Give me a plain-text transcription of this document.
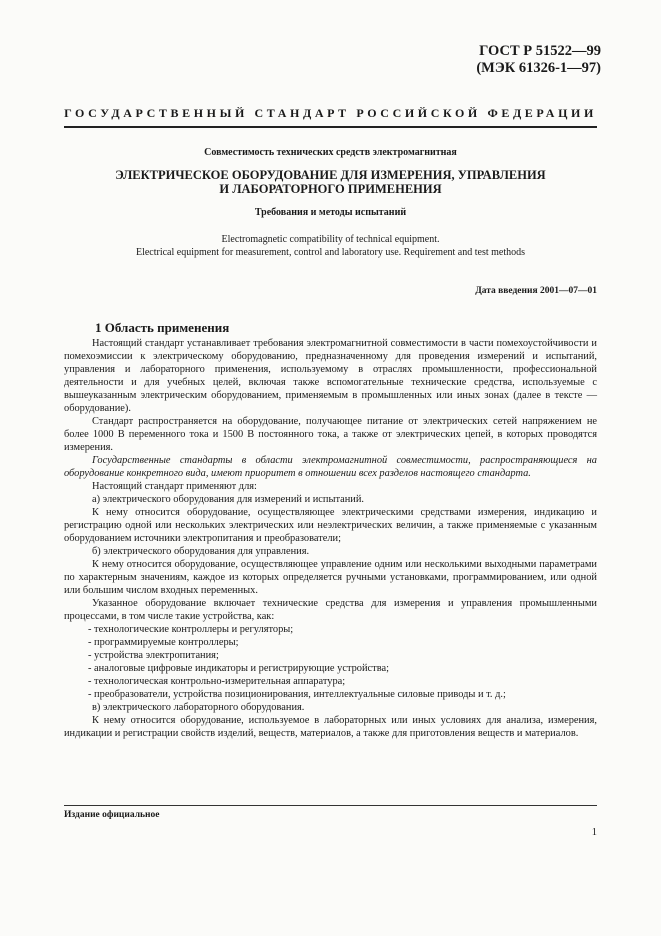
ГОСТ Р 51522—99
(МЭК 61326-1—97)
ГОСУДАРСТВЕННЫЙ СТАНДАРТ РОССИЙСКОЙ ФЕДЕРАЦИИ
Совместимость технических средств электромагнитная
ЭЛЕКТРИЧЕСКОЕ ОБОРУДОВАНИЕ ДЛЯ ИЗМЕРЕНИЯ, УПРАВЛЕНИЯ
И ЛАБОРАТОРНОГО ПРИМЕНЕНИЯ
Требования и методы испытаний
Electromagnetic compatibility of technical equipment.
Electrical equipment for measurement, control and laboratory use. Requirement and test methods
Дата введения 2001—07—01
1 Область применения

Настоящий стандарт устанавливает требования электромагнитной совместимости в части помехоустойчивости и помехоэмиссии к электрическому оборудованию, предназначенному для проведения измерений и испытаний, управления и лабораторного применения, используемому в отраслях промышленности, профессиональной деятельности и для учебных целей, включая также вспомогательные технические средства, используемые с вышеуказанным электрическим оборудованием, применяемым в промышленных или иных зонах (далее в тексте — оборудование).

Стандарт распространяется на оборудование, получающее питание от электрических сетей напряжением не более 1000 В переменного тока и 1500 В постоянного тока, а также от электрических цепей, в которых проводятся измерения.

Государственные стандарты в области электромагнитной совместимости, распространяющиеся на оборудование конкретного вида, имеют приоритет в отношении всех разделов настоящего стандарта.

Настоящий стандарт применяют для:

а) электрического оборудования для измерений и испытаний.

К нему относится оборудование, осуществляющее электрическими средствами измерения, индикацию и регистрацию одной или нескольких электрических или неэлектрических величин, а также применяемые с указанным оборудованием источники электропитания и преобразователи;

б) электрического оборудования для управления.

К нему относится оборудование, осуществляющее управление одним или несколькими выходными параметрами по характерным значениям, каждое из которых определяется ручными установками, программированием, или одной или большим числом входных переменных.

Указанное оборудование включает технические средства для измерения и управления промышленными процессами, в том числе такие устройства, как:

- технологические контроллеры и регуляторы;

- программируемые контроллеры;

- устройства электропитания;

- аналоговые цифровые индикаторы и регистрирующие устройства;

- технологическая контрольно-измерительная аппаратура;

- преобразователи, устройства позиционирования, интеллектуальные силовые приводы и т. д.;

в) электрического лабораторного оборудования.

К нему относится оборудование, используемое в лабораторных или иных условиях для анализа, измерения, индикации и регистрации свойств изделий, веществ, материалов, а также для приготовления веществ и материалов.

Издание официальное
1
